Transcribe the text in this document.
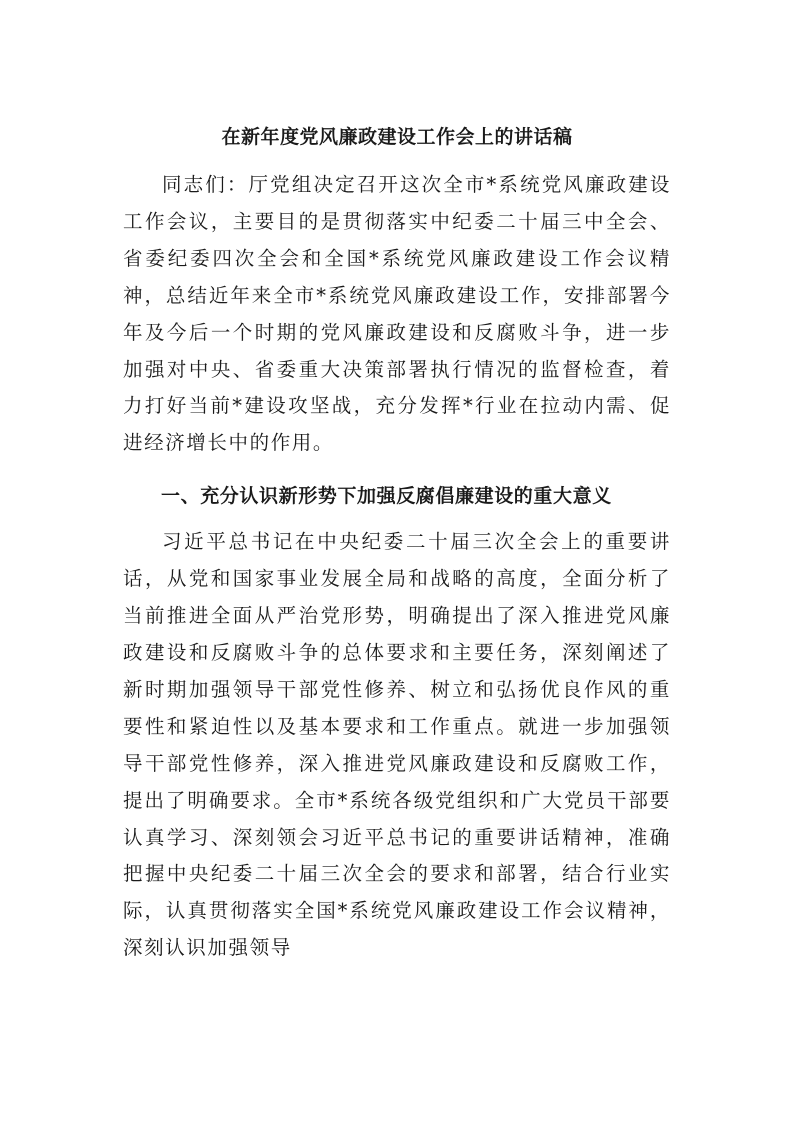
在新年度党风廉政建设工作会上的讲话稿

同志们：厅党组决定召开这次全市*系统党风廉政建设工作会议，主要目的是贯彻落实中纪委二十届三中全会、省委纪委四次全会和全国*系统党风廉政建设工作会议精神，总结近年来全市*系统党风廉政建设工作，安排部署今年及今后一个时期的党风廉政建设和反腐败斗争，进一步加强对中央、省委重大决策部署执行情况的监督检查，着力打好当前*建设攻坚战，充分发挥*行业在拉动内需、促进经济增长中的作用。

一、充分认识新形势下加强反腐倡廉建设的重大意义

习近平总书记在中央纪委二十届三次全会上的重要讲话，从党和国家事业发展全局和战略的高度，全面分析了当前推进全面从严治党形势，明确提出了深入推进党风廉政建设和反腐败斗争的总体要求和主要任务，深刻阐述了新时期加强领导干部党性修养、树立和弘扬优良作风的重要性和紧迫性以及基本要求和工作重点。就进一步加强领导干部党性修养，深入推进党风廉政建设和反腐败工作，提出了明确要求。全市*系统各级党组织和广大党员干部要认真学习、深刻领会习近平总书记的重要讲话精神，准确把握中央纪委二十届三次全会的要求和部署，结合行业实际，认真贯彻落实全国*系统党风廉政建设工作会议精神，深刻认识加强领导
